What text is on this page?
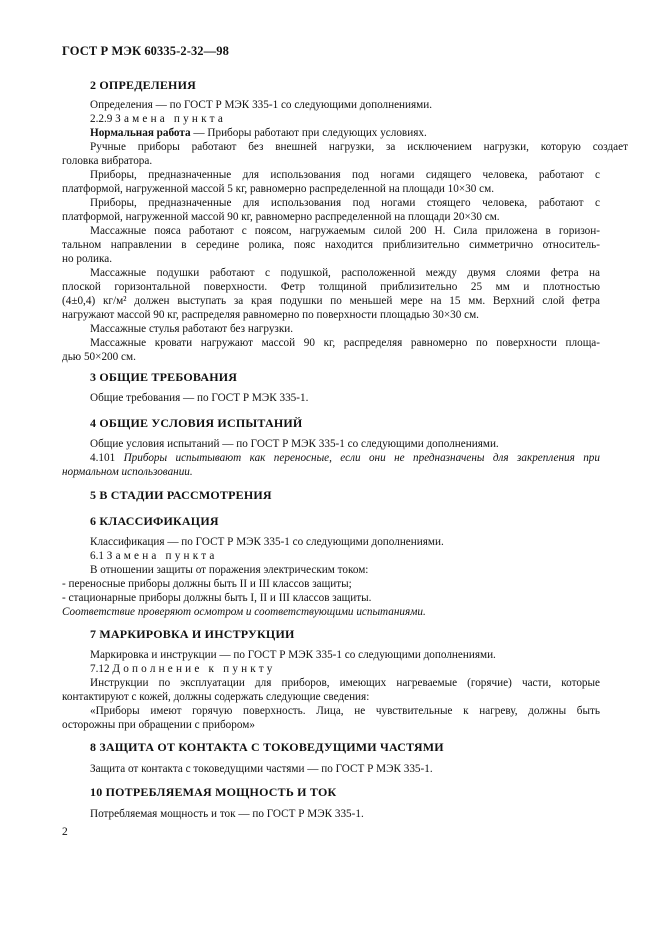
ГОСТ Р МЭК 60335-2-32—98
2 ОПРЕДЕЛЕНИЯ
Определения — по ГОСТ Р МЭК 335-1 со следующими дополнениями.
2.2.9 Замена пункта
Нормальная работа — Приборы работают при следующих условиях.
Ручные приборы работают без внешней нагрузки, за исключением нагрузки, которую создает
головка вибратора.
Приборы, предназначенные для использования под ногами сидящего человека, работают с
платформой, нагруженной массой 5 кг, равномерно распределенной на площади 10×30 см.
Приборы, предназначенные для использования под ногами стоящего человека, работают с
платформой, нагруженной массой 90 кг, равномерно распределенной на площади 20×30 см.
Массажные пояса работают с поясом, нагружаемым силой 200 Н. Сила приложена в горизон-
тальном направлении в середине ролика, пояс находится приблизительно симметрично относитель-
но ролика.
Массажные подушки работают с подушкой, расположенной между двумя слоями фетра на
плоской горизонтальной поверхности. Фетр толщиной приблизительно 25 мм и плотностью
(4±0,4) кг/м² должен выступать за края подушки по меньшей мере на 15 мм. Верхний слой фетра
нагружают массой 90 кг, распределяя равномерно по поверхности площадью 30×30 см.
Массажные стулья работают без нагрузки.
Массажные кровати нагружают массой 90 кг, распределяя равномерно по поверхности площа-
дью 50×200 см.
3 ОБЩИЕ ТРЕБОВАНИЯ
Общие требования — по ГОСТ Р МЭК 335-1.
4 ОБЩИЕ УСЛОВИЯ ИСПЫТАНИЙ
Общие условия испытаний — по ГОСТ Р МЭК 335-1 со следующими дополнениями.
4.101 Приборы испытывают как переносные, если они не предназначены для закрепления при
нормальном использовании.
5 В СТАДИИ РАССМОТРЕНИЯ
6 КЛАССИФИКАЦИЯ
Классификация — по ГОСТ Р МЭК 335-1 со следующими дополнениями.
6.1 Замена пункта
В отношении защиты от поражения электрическим током:
- переносные приборы должны быть II и III классов защиты;
- стационарные приборы должны быть I, II и III классов защиты.
Соответствие проверяют осмотром и соответствующими испытаниями.
7 МАРКИРОВКА И ИНСТРУКЦИИ
Маркировка и инструкции — по ГОСТ Р МЭК 335-1 со следующими дополнениями.
7.12 Дополнение к пункту
Инструкции по эксплуатации для приборов, имеющих нагреваемые (горячие) части, которые
контактируют с кожей, должны содержать следующие сведения:
«Приборы имеют горячую поверхность. Лица, не чувствительные к нагреву, должны быть
осторожны при обращении с прибором»
8 ЗАЩИТА ОТ КОНТАКТА С ТОКОВЕДУЩИМИ ЧАСТЯМИ
Защита от контакта с токоведущими частями — по ГОСТ Р МЭК 335-1.
10 ПОТРЕБЛЯЕМАЯ МОЩНОСТЬ И ТОК
Потребляемая мощность и ток — по ГОСТ Р МЭК 335-1.
2
